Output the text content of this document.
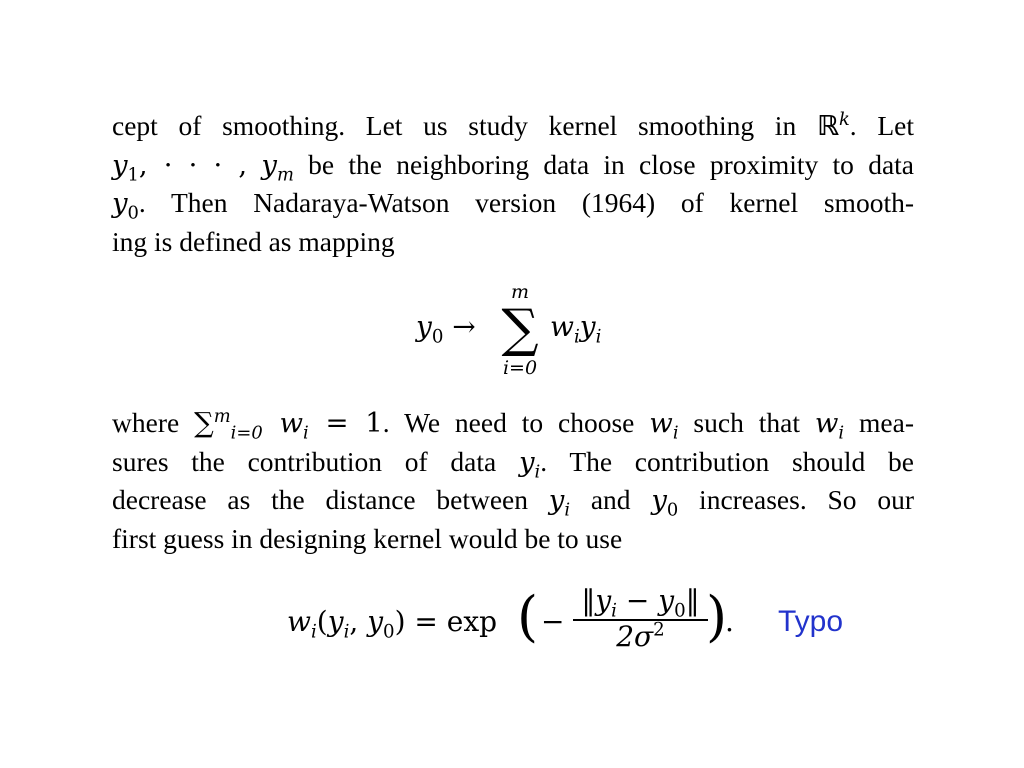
cept of smoothing. Let us study kernel smoothing in ℝ$^k$. Let
$y_1$, · · · , $y_m$ be the neighboring data in close proximity to data
$y_0$. Then Nadaraya-Watson version (1964) of kernel smooth-
ing is defined as mapping
$y_0$ →
m
∑
i=0
$w_iy_i$
where ∑$^m_{i=0}$ $w_i = 1$. We need to choose $w_i$ such that $w_i$ mea-
sures the contribution of data $y_i$. The contribution should be
decrease as the distance between $y_i$ and $y_0$ increases. So our
first guess in designing kernel would be to use
$w_i(y_i$, $y_0) = \exp$ ( −
$‖y_i$ − $y_0‖$
$2\sigma^2$ )
. Typo
